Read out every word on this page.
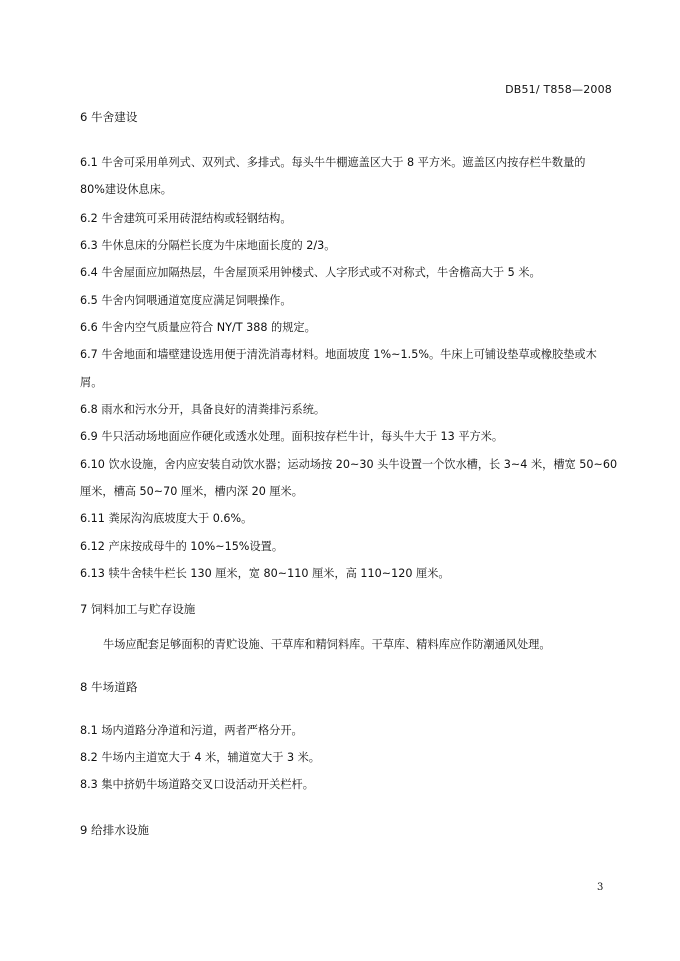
DB51/ T858—2008
6 牛舍建设
6.1 牛舍可采用单列式、双列式、多排式。每头牛牛棚遮盖区大于 8 平方米。遮盖区内按存栏牛数量的
80%建设休息床。
6.2 牛舍建筑可采用砖混结构或轻钢结构。
6.3 牛休息床的分隔栏长度为牛床地面长度的 2/3。
6.4 牛舍屋面应加隔热层，牛舍屋顶采用钟楼式、人字形式或不对称式，牛舍檐高大于 5 米。
6.5 牛舍内饲喂通道宽度应满足饲喂操作。
6.6 牛舍内空气质量应符合 NY/T 388 的规定。
6.7 牛舍地面和墙壁建设选用便于清洗消毒材料。地面坡度 1%~1.5%。牛床上可铺设垫草或橡胶垫或木
屑。
6.8 雨水和污水分开，具备良好的清粪排污系统。
6.9 牛只活动场地面应作硬化或透水处理。面积按存栏牛计，每头牛大于 13 平方米。
6.10 饮水设施，舍内应安装自动饮水器；运动场按 20~30 头牛设置一个饮水槽，长 3~4 米，槽宽 50~60
厘米，槽高 50~70 厘米，槽内深 20 厘米。
6.11 粪尿沟沟底坡度大于 0.6%。
6.12 产床按成母牛的 10%~15%设置。
6.13 犊牛舍犊牛栏长 130 厘米，宽 80~110 厘米，高 110~120 厘米。
7 饲料加工与贮存设施
牛场应配套足够面积的青贮设施、干草库和精饲料库。干草库、精料库应作防潮通风处理。
8 牛场道路
8.1 场内道路分净道和污道，两者严格分开。
8.2 牛场内主道宽大于 4 米，辅道宽大于 3 米。
8.3 集中挤奶牛场道路交叉口设活动开关栏杆。
9 给排水设施
3
